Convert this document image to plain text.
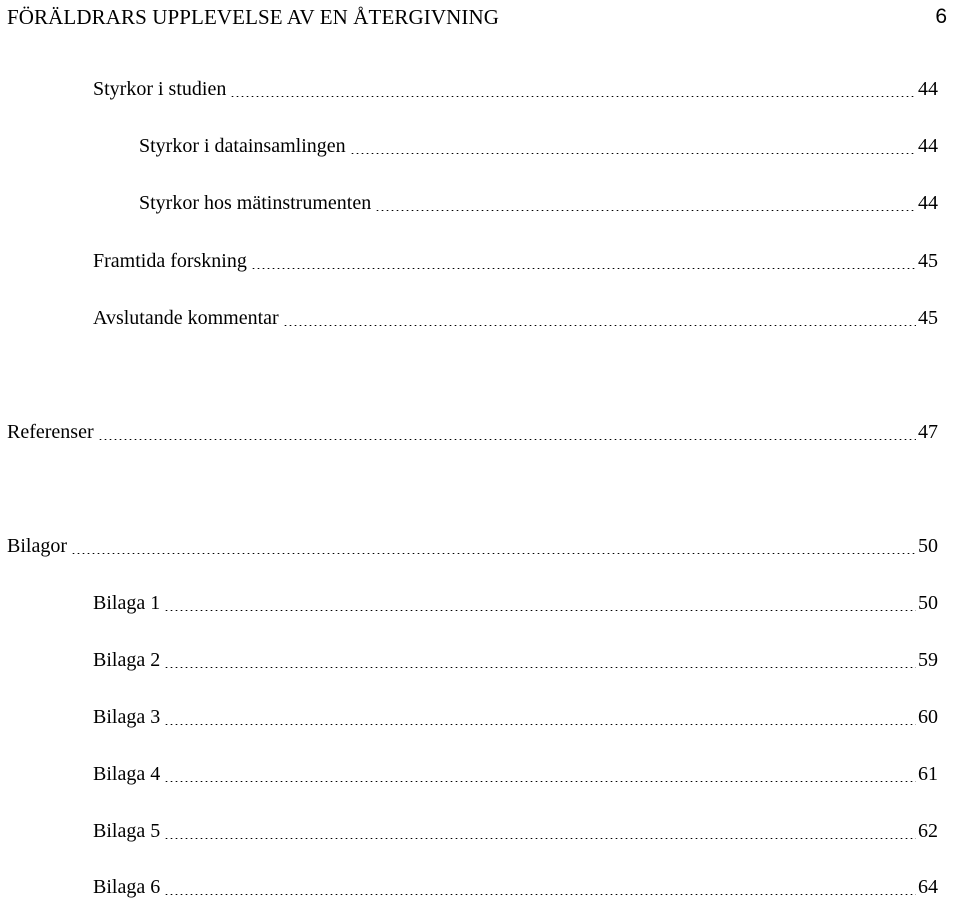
FÖRÄLDRARS UPPLEVELSE AV EN ÅTERGIVNING	6
Styrkor i studien	44
Styrkor i datainsamlingen	44
Styrkor hos mätinstrumenten	44
Framtida forskning	45
Avslutande kommentar	45
Referenser	47
Bilagor	50
Bilaga 1	50
Bilaga 2	59
Bilaga 3	60
Bilaga 4	61
Bilaga 5	62
Bilaga 6	64
